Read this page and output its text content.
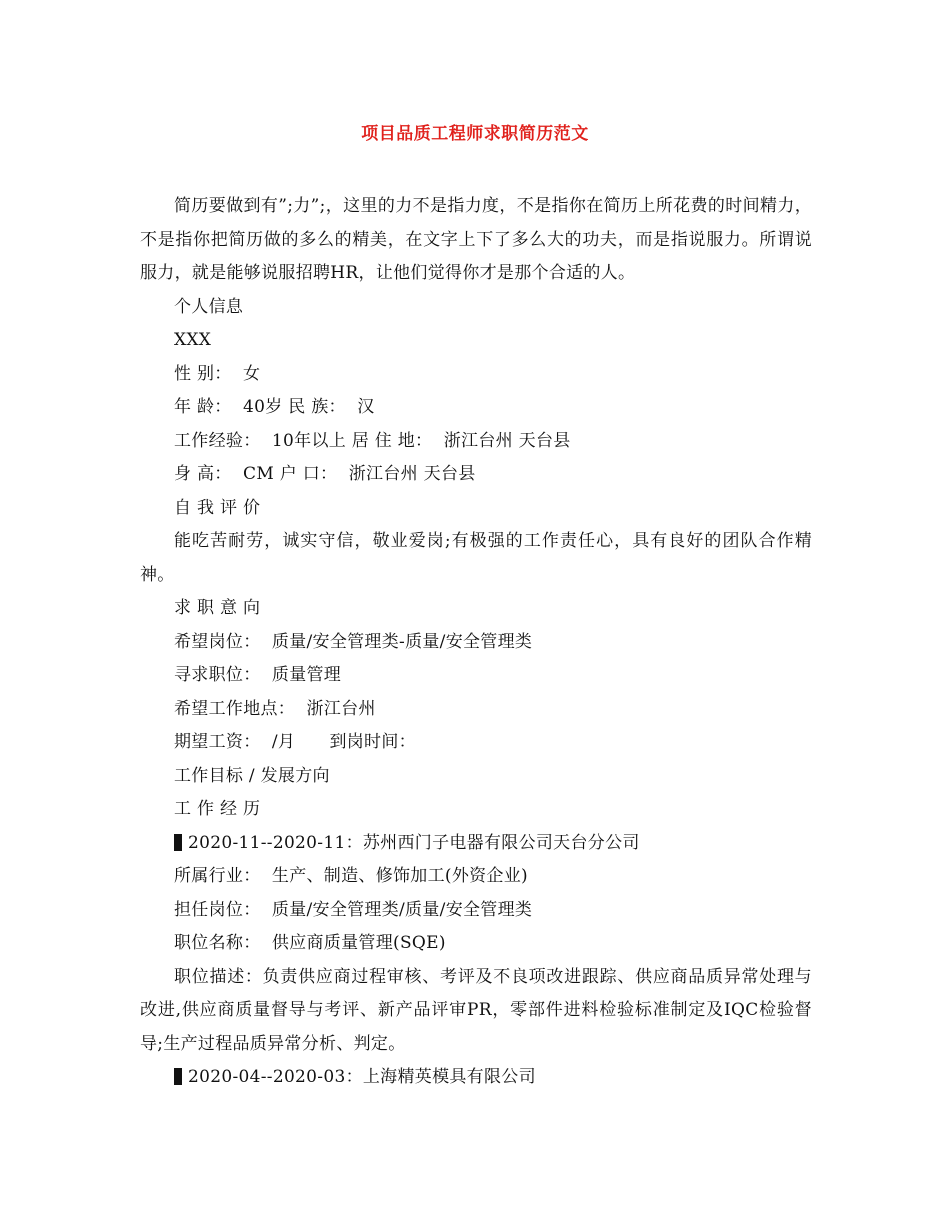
项目品质工程师求职简历范文

简历要做到有”;力”;，这里的力不是指力度，不是指你在简历上所花费的时间精力，不是指你把简历做的多么的精美，在文字上下了多么大的功夫，而是指说服力。所谓说服力，就是能够说服招聘HR，让他们觉得你才是那个合适的人。

个人信息

XXX

性 别：  女

年 龄：  40岁 民 族：  汉

工作经验：  10年以上 居 住 地：  浙江台州 天台县

身 高：  CM 户 口：  浙江台州 天台县

自 我 评 价

能吃苦耐劳，诚实守信，敬业爱岗;有极强的工作责任心，具有良好的团队合作精神。

求 职 意 向

希望岗位：  质量/安全管理类-质量/安全管理类

寻求职位：  质量管理

希望工作地点：  浙江台州

期望工资：  /月      到岗时间：

工作目标 / 发展方向

工 作 经 历

2020-11--2020-11：苏州西门子电器有限公司天台分公司

所属行业：  生产、制造、修饰加工(外资企业)

担任岗位：  质量/安全管理类/质量/安全管理类

职位名称：  供应商质量管理(SQE)

职位描述：负责供应商过程审核、考评及不良项改进跟踪、供应商品质异常处理与改进,供应商质量督导与考评、新产品评审PR，零部件进料检验标准制定及IQC检验督导;生产过程品质异常分析、判定。

2020-04--2020-03：上海精英模具有限公司
